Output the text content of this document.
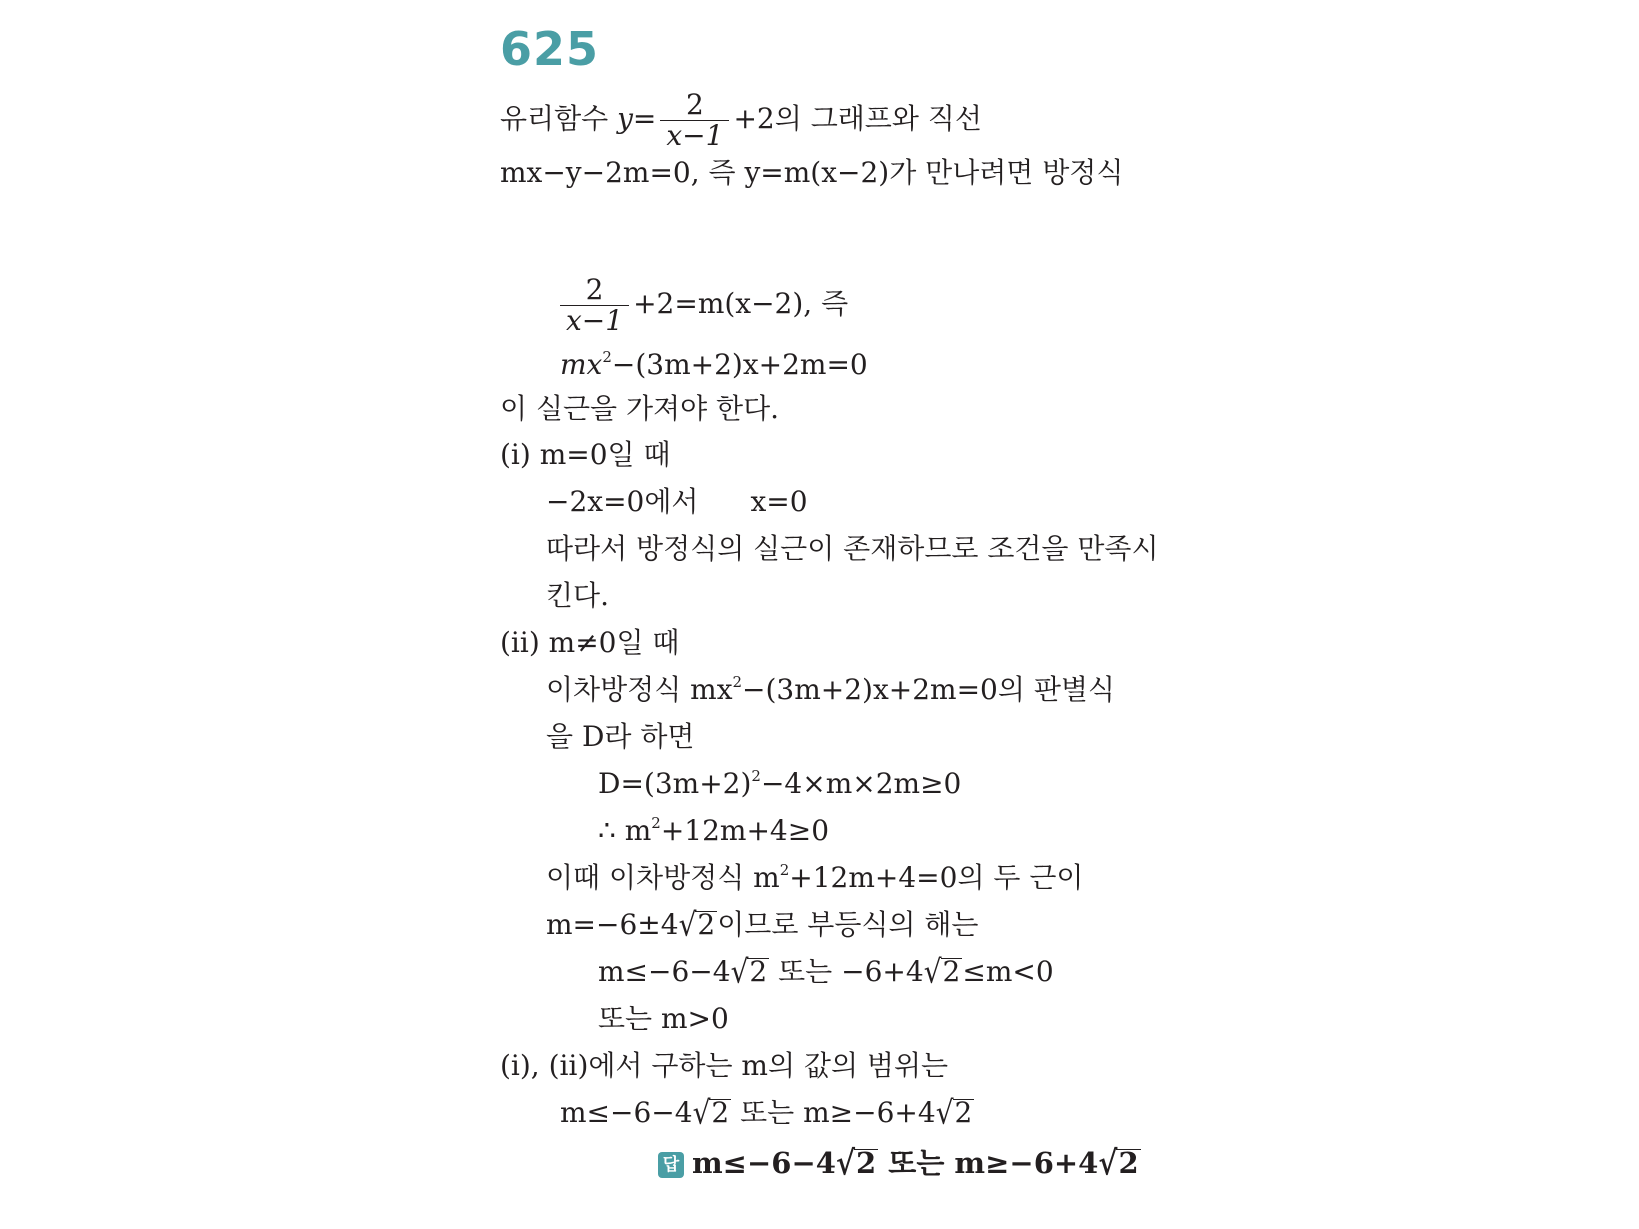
625
유리함수 $y= \frac{2}{x-1} +2$의 그래프와 직선
mx−y−2m=0, 즉 y=m(x−2)가 만나려면 방정식
$\frac{2}{x-1} +2=m(x-2)$, 즉
$mx^2-(3m+2)x+2m=0$
이 실근을 가져야 한다.
(ⅰ) m=0일 때
−2x=0에서 x=0
따라서 방정식의 실근이 존재하므로 조건을 만족시
킨다.
(ⅱ) m≠0일 때
이차방정식 $mx^2-(3m+2)x+2m=0$의 판별식
을 D라 하면
$D=(3m+2)^2-4\times m\times 2m\ge 0$
∴ $m^2+12m+4\ge 0$
이때 이차방정식 $m^2+12m+4=0$의 두 근이
m=−6±4√2이므로 부등식의 해는
m≤−6−4√2 또는 −6+4√2≤m<0
또는 m>0
(ⅰ), (ⅱ)에서 구하는 m의 값의 범위는
m≤−6−4√2 또는 m≥−6+4√2
답 m≤−6−4√2 또는 m≥−6+4√2
